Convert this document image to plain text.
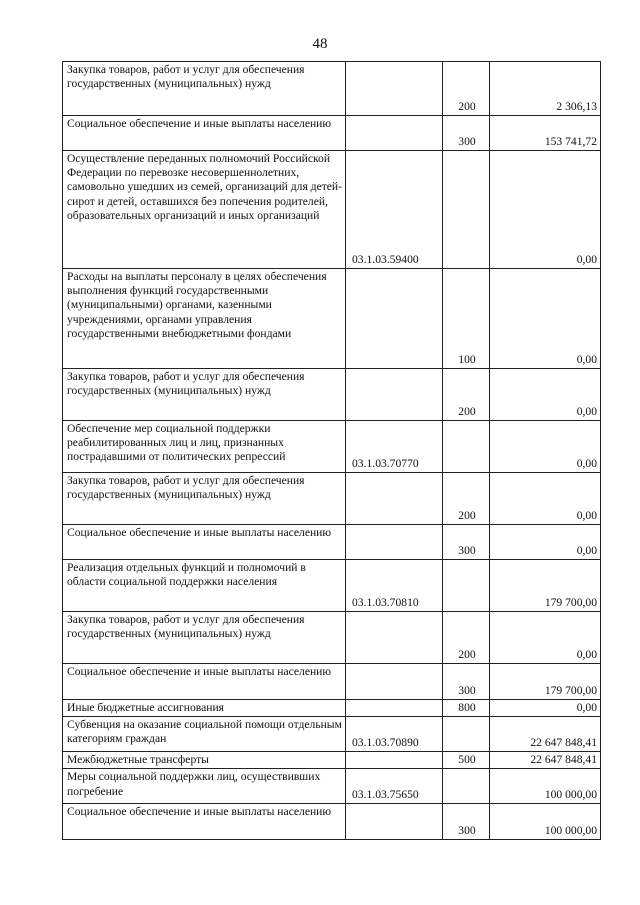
48
Закупка товаров, работ и услуг для обеспечения государственных (муниципальных) нужд		200	2 306,13
Социальное обеспечение и иные выплаты населению		300	153 741,72
Осуществление переданных полномочий Российской Федерации по перевозке несовершеннолетних, самовольно ушедших из семей, организаций для детей-сирот и детей, оставшихся без попечения родителей, образовательных организаций и иных организаций	03.1.03.59400		0,00
Расходы на выплаты персоналу в целях обеспечения выполнения функций государственными (муниципальными) органами, казенными учреждениями, органами управления государственными внебюджетными фондами		100	0,00
Закупка товаров, работ и услуг для обеспечения государственных (муниципальных) нужд		200	0,00
Обеспечение мер социальной поддержки реабилитированных лиц и лиц, признанных пострадавшими от политических репрессий	03.1.03.70770		0,00
Закупка товаров, работ и услуг для обеспечения государственных (муниципальных) нужд		200	0,00
Социальное обеспечение и иные выплаты населению		300	0,00
Реализация отдельных функций и полномочий в области социальной поддержки населения	03.1.03.70810		179 700,00
Закупка товаров, работ и услуг для обеспечения государственных (муниципальных) нужд		200	0,00
Социальное обеспечение и иные выплаты населению		300	179 700,00
Иные бюджетные ассигнования		800	0,00
Субвенция на оказание социальной помощи отдельным категориям граждан	03.1.03.70890		22 647 848,41
Межбюджетные трансферты		500	22 647 848,41
Меры социальной поддержки лиц, осуществивших погребение	03.1.03.75650		100 000,00
Социальное обеспечение и иные выплаты населению		300	100 000,00
